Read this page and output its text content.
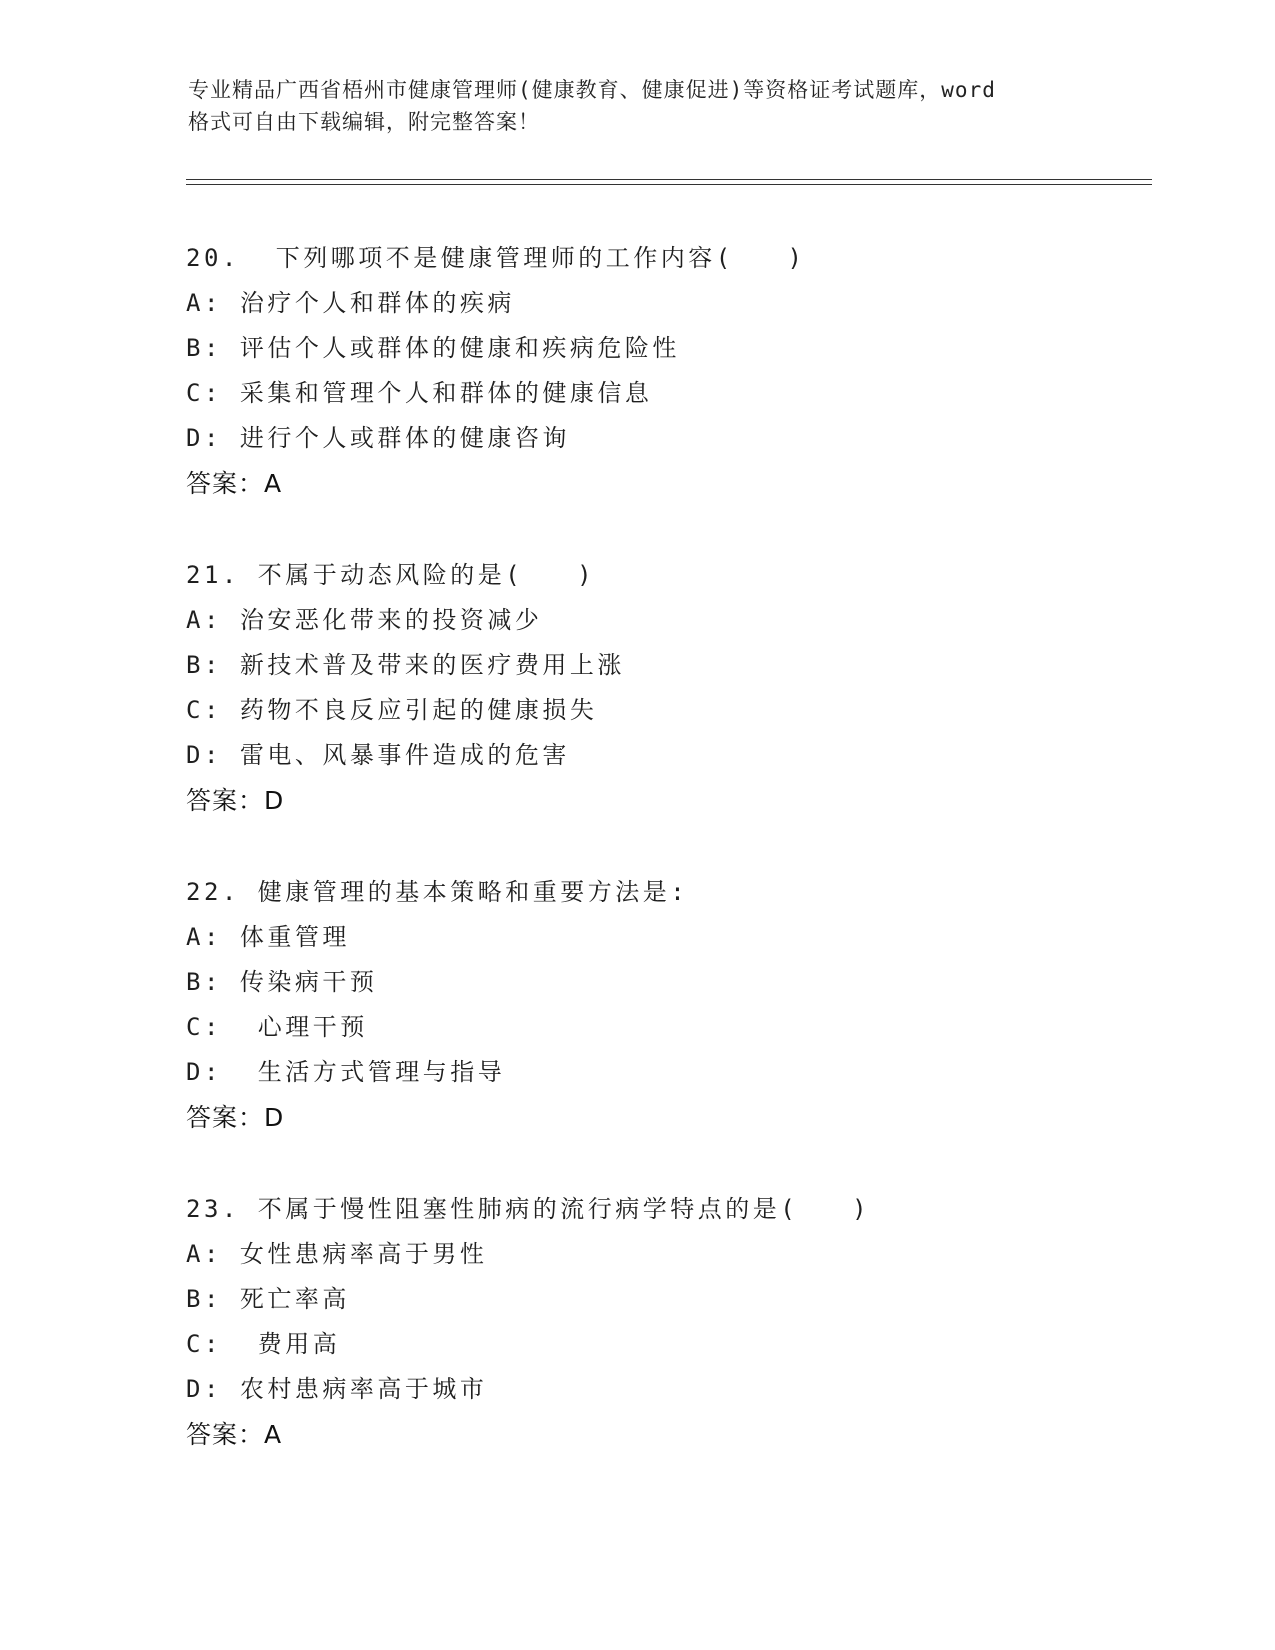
专业精品广西省梧州市健康管理师(健康教育、健康促进)等资格证考试题库，word
格式可自由下载编辑，附完整答案！
20.  下列哪项不是健康管理师的工作内容(   )
A: 治疗个人和群体的疾病
B: 评估个人或群体的健康和疾病危险性
C: 采集和管理个人和群体的健康信息
D: 进行个人或群体的健康咨询
答案：A
21. 不属于动态风险的是(   )
A: 治安恶化带来的投资减少
B: 新技术普及带来的医疗费用上涨
C: 药物不良反应引起的健康损失
D: 雷电、风暴事件造成的危害
答案：D
22. 健康管理的基本策略和重要方法是:
A: 体重管理
B: 传染病干预
C:  心理干预
D:  生活方式管理与指导
答案：D
23. 不属于慢性阻塞性肺病的流行病学特点的是(   )
A: 女性患病率高于男性
B: 死亡率高
C:  费用高
D: 农村患病率高于城市
答案：A
